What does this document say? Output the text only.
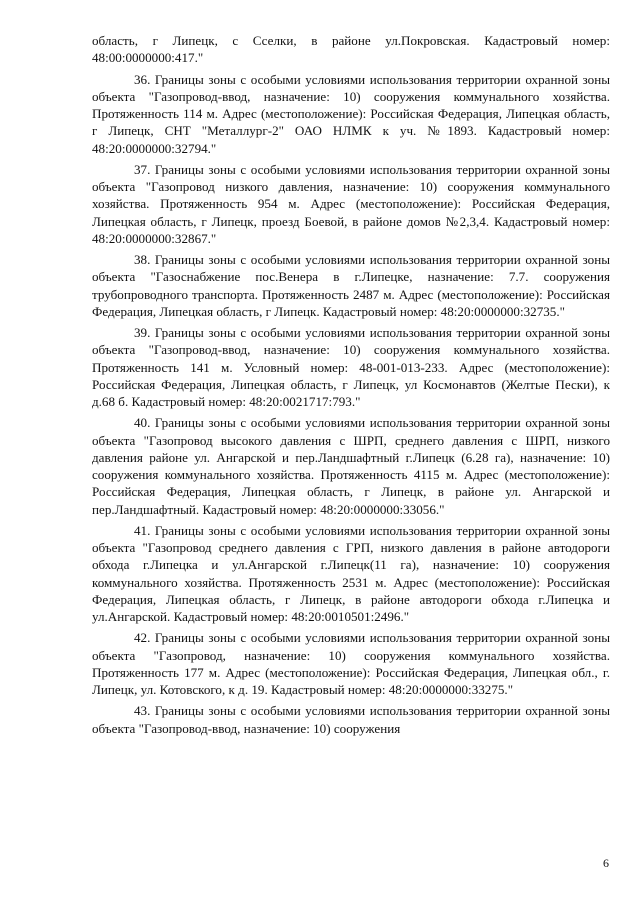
область, г Липецк, с Сселки, в районе ул.Покровская. Кадастровый номер: 48:00:0000000:417."

36. Границы зоны с особыми условиями использования территории охранной зоны объекта "Газопровод-ввод, назначение: 10) сооружения коммунального хозяйства. Протяженность 114 м. Адрес (местоположение): Российская Федерация, Липецкая область, г Липецк, СНТ "Металлург-2" ОАО НЛМК к уч. №1893. Кадастровый номер: 48:20:0000000:32794."

37. Границы зоны с особыми условиями использования территории охранной зоны объекта "Газопровод низкого давления, назначение: 10) сооружения коммунального хозяйства. Протяженность 954 м. Адрес (местоположение): Российская Федерация, Липецкая область, г Липецк, проезд Боевой, в районе домов №2,3,4. Кадастровый номер: 48:20:0000000:32867."

38. Границы зоны с особыми условиями использования территории охранной зоны объекта "Газоснабжение пос.Венера в г.Липецке, назначение: 7.7. сооружения трубопроводного транспорта. Протяженность 2487 м. Адрес (местоположение): Российская Федерация, Липецкая область, г Липецк. Кадастровый номер: 48:20:0000000:32735."

39. Границы зоны с особыми условиями использования территории охранной зоны объекта "Газопровод-ввод, назначение: 10) сооружения коммунального хозяйства. Протяженность 141 м. Условный номер: 48-001-013-233. Адрес (местоположение): Российская Федерация, Липецкая область, г Липецк, ул Космонавтов (Желтые Пески), к д.68 б. Кадастровый номер: 48:20:0021717:793."

40. Границы зоны с особыми условиями использования территории охранной зоны объекта "Газопровод высокого давления с ШРП, среднего давления с ШРП, низкого давления районе ул. Ангарской и пер.Ландшафтный г.Липецк (6.28 га), назначение: 10) сооружения коммунального хозяйства. Протяженность 4115 м. Адрес (местоположение): Российская Федерация, Липецкая область, г Липецк, в районе ул. Ангарской и пер.Ландшафтный. Кадастровый номер: 48:20:0000000:33056."

41. Границы зоны с особыми условиями использования территории охранной зоны объекта "Газопровод среднего давления с ГРП, низкого давления в районе автодороги обхода г.Липецка и ул.Ангарской г.Липецк(11 га), назначение: 10) сооружения коммунального хозяйства. Протяженность 2531 м. Адрес (местоположение): Российская Федерация, Липецкая область, г Липецк, в районе автодороги обхода г.Липецка и ул.Ангарской. Кадастровый номер: 48:20:0010501:2496."

42. Границы зоны с особыми условиями использования территории охранной зоны объекта "Газопровод, назначение: 10) сооружения коммунального хозяйства. Протяженность 177 м. Адрес (местоположение): Российская Федерация, Липецкая обл., г. Липецк, ул. Котовского, к д. 19. Кадастровый номер: 48:20:0000000:33275."

43. Границы зоны с особыми условиями использования территории охранной зоны объекта "Газопровод-ввод, назначение: 10) сооружения

6
